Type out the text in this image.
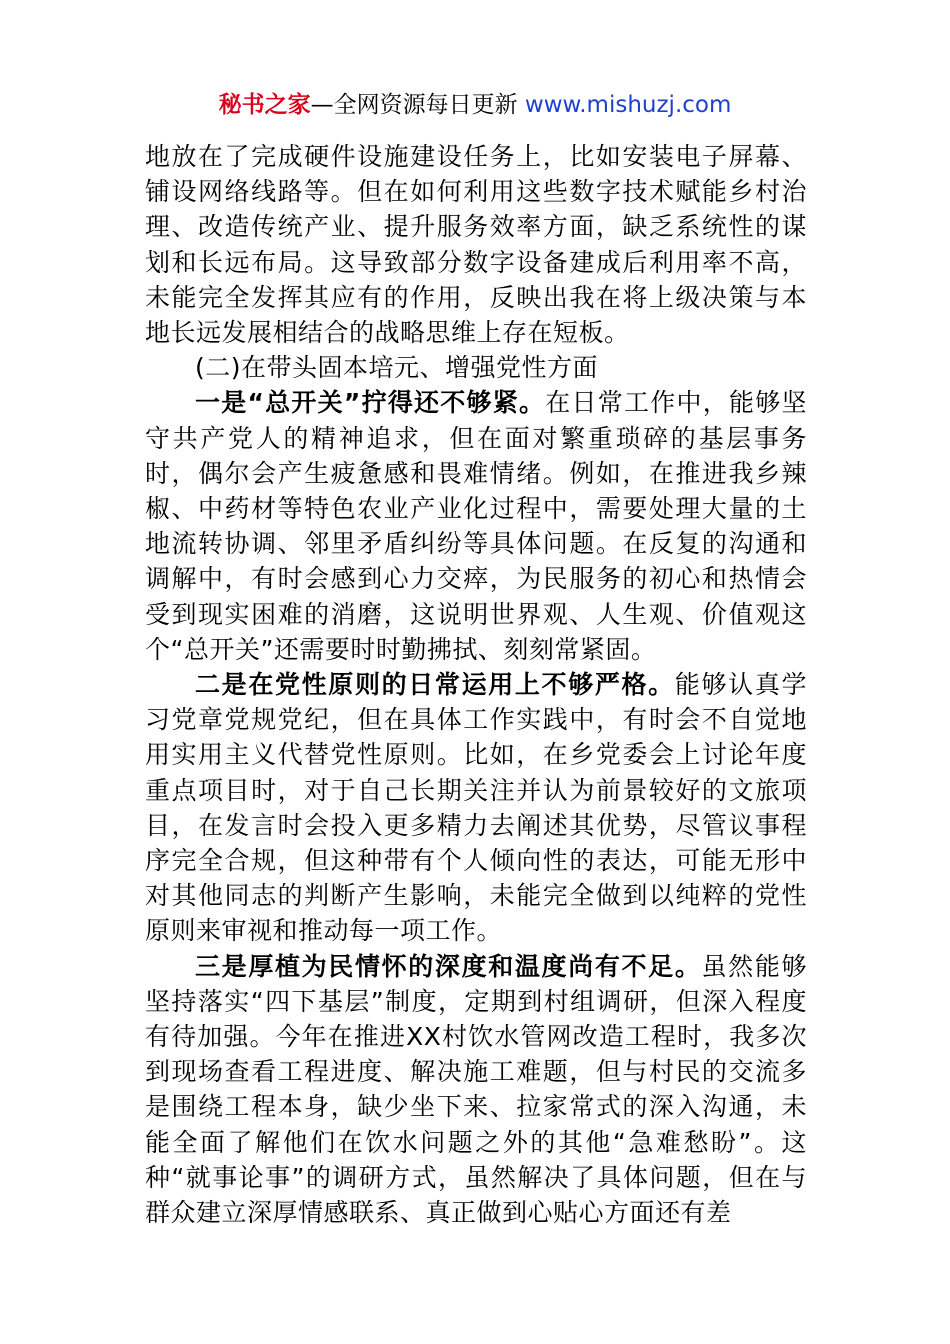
秘书之家—全网资源每日更新 www.mishuzj.com

地放在了完成硬件设施建设任务上，比如安装电子屏幕、铺设网络线路等。但在如何利用这些数字技术赋能乡村治理、改造传统产业、提升服务效率方面，缺乏系统性的谋划和长远布局。这导致部分数字设备建成后利用率不高，未能完全发挥其应有的作用，反映出我在将上级决策与本地长远发展相结合的战略思维上存在短板。

(二)在带头固本培元、增强党性方面

一是“总开关”拧得还不够紧。在日常工作中，能够坚守共产党人的精神追求，但在面对繁重琐碎的基层事务时，偶尔会产生疲惫感和畏难情绪。例如，在推进我乡辣椒、中药材等特色农业产业化过程中，需要处理大量的土地流转协调、邻里矛盾纠纷等具体问题。在反复的沟通和调解中，有时会感到心力交瘁，为民服务的初心和热情会受到现实困难的消磨，这说明世界观、人生观、价值观这个“总开关”还需要时时勤拂拭、刻刻常紧固。

二是在党性原则的日常运用上不够严格。能够认真学习党章党规党纪，但在具体工作实践中，有时会不自觉地用实用主义代替党性原则。比如，在乡党委会上讨论年度重点项目时，对于自己长期关注并认为前景较好的文旅项目，在发言时会投入更多精力去阐述其优势，尽管议事程序完全合规，但这种带有个人倾向性的表达，可能无形中对其他同志的判断产生影响，未能完全做到以纯粹的党性原则来审视和推动每一项工作。

三是厚植为民情怀的深度和温度尚有不足。虽然能够坚持落实“四下基层”制度，定期到村组调研，但深入程度有待加强。今年在推进XX村饮水管网改造工程时，我多次到现场查看工程进度、解决施工难题，但与村民的交流多是围绕工程本身，缺少坐下来、拉家常式的深入沟通，未能全面了解他们在饮水问题之外的其他“急难愁盼”。这种“就事论事”的调研方式，虽然解决了具体问题，但在与群众建立深厚情感联系、真正做到心贴心方面还有差
